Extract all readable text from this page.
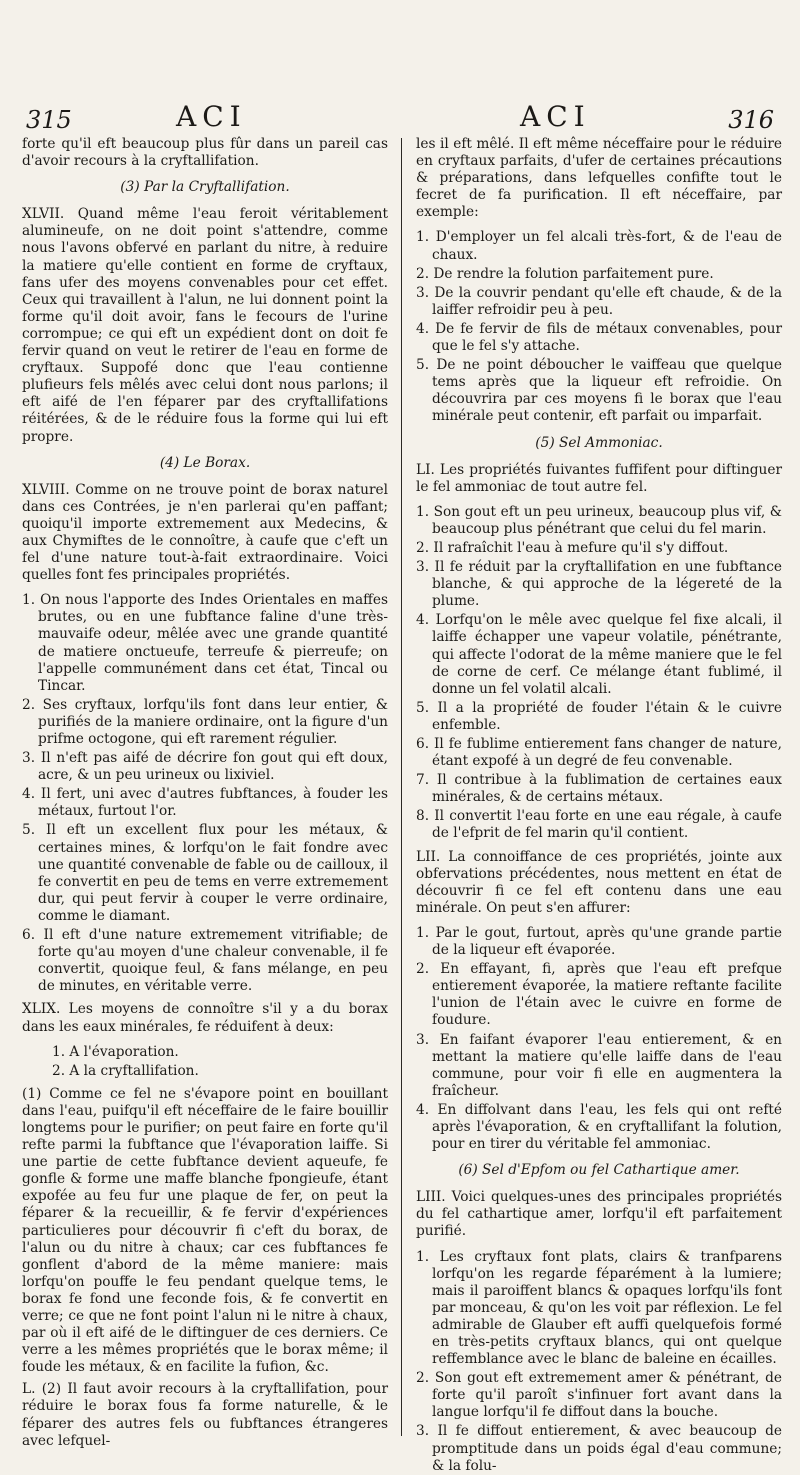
315	ACI	ACI	316

forte qu'il eft beaucoup plus fûr dans un pareil cas d'avoir recours à la cryftallifation.

(3) Par la Cryftallifation.

XLVII. Quand même l'eau feroit véritablement alumineufe, on ne doit point s'attendre, comme nous l'avons obfervé en parlant du nitre, à reduire la matiere qu'elle contient en forme de cryftaux, fans ufer des moyens convenables pour cet effet. Ceux qui travaillent à l'alun, ne lui donnent point la forme qu'il doit avoir, fans le fecours de l'urine corrompue; ce qui eft un expédient dont on doit fe fervir quand on veut le retirer de l'eau en forme de cryftaux. Suppofé donc que l'eau contienne plufieurs fels mêlés avec celui dont nous parlons; il eft aifé de l'en féparer par des cryftallifations réitérées, & de le réduire fous la forme qui lui eft propre.

(4) Le Borax.

XLVIII. Comme on ne trouve point de borax naturel dans ces Contrées, je n'en parlerai qu'en paffant; quoiqu'il importe extremement aux Medecins, & aux Chymiftes de le connoître, à caufe que c'eft un fel d'une nature tout-à-fait extraordinaire. Voici quelles font fes principales propriétés.

1. On nous l'apporte des Indes Orientales en maffes brutes, ou en une fubftance faline d'une très-mauvaife odeur, mêlée avec une grande quantité de matiere onctueufe, terreufe & pierreufe; on l'appelle communément dans cet état, Tincal ou Tincar.
2. Ses cryftaux, lorfqu'ils font dans leur entier, & purifiés de la maniere ordinaire, ont la figure d'un prifme octogone, qui eft rarement régulier.
3. Il n'eft pas aifé de décrire fon gout qui eft doux, acre, & un peu urineux ou lixiviel.
4. Il fert, uni avec d'autres fubftances, à fouder les métaux, furtout l'or.
5. Il eft un excellent flux pour les métaux, & certaines mines, & lorfqu'on le fait fondre avec une quantité convenable de fable ou de cailloux, il fe convertit en peu de tems en verre extremement dur, qui peut fervir à couper le verre ordinaire, comme le diamant.
6. Il eft d'une nature extremement vitrifiable; de forte qu'au moyen d'une chaleur convenable, il fe convertit, quoique feul, & fans mélange, en peu de minutes, en véritable verre.

XLIX. Les moyens de connoître s'il y a du borax dans les eaux minérales, fe réduifent à deux:

1. A l'évaporation.
2. A la cryftallifation.

(1) Comme ce fel ne s'évapore point en bouillant dans l'eau, puifqu'il eft néceffaire de le faire bouillir longtems pour le purifier; on peut faire en forte qu'il refte parmi la fubftance que l'évaporation laiffe. Si une partie de cette fubftance devient aqueufe, fe gonfle & forme une maffe blanche fpongieufe, étant expofée au feu fur une plaque de fer, on peut la féparer & la recueillir, & fe fervir d'expériences particulieres pour découvrir fi c'eft du borax, de l'alun ou du nitre à chaux; car ces fubftances fe gonflent d'abord de la même maniere: mais lorfqu'on pouffe le feu pendant quelque tems, le borax fe fond une feconde fois, & fe convertit en verre; ce que ne font point l'alun ni le nitre à chaux, par où il eft aifé de le diftinguer de ces derniers. Ce verre a les mêmes propriétés que le borax même; il foude les métaux, & en facilite la fufion, &c.

L. (2) Il faut avoir recours à la cryftallifation, pour réduire le borax fous fa forme naturelle, & le féparer des autres fels ou fubftances étrangeres avec lefquel-

les il eft mêlé. Il eft même néceffaire pour le réduire en cryftaux parfaits, d'ufer de certaines précautions & préparations, dans lefquelles confifte tout le fecret de fa purification. Il eft néceffaire, par exemple:

1. D'employer un fel alcali très-fort, & de l'eau de chaux.
2. De rendre la folution parfaitement pure.
3. De la couvrir pendant qu'elle eft chaude, & de la laiffer refroidir peu à peu.
4. De fe fervir de fils de métaux convenables, pour que le fel s'y attache.
5. De ne point déboucher le vaiffeau que quelque tems après que la liqueur eft refroidie. On découvrira par ces moyens fi le borax que l'eau minérale peut contenir, eft parfait ou imparfait.

(5) Sel Ammoniac.

LI. Les propriétés fuivantes fuffifent pour diftinguer le fel ammoniac de tout autre fel.

1. Son gout eft un peu urineux, beaucoup plus vif, & beaucoup plus pénétrant que celui du fel marin.
2. Il rafraîchit l'eau à mefure qu'il s'y diffout.
3. Il fe réduit par la cryftallifation en une fubftance blanche, & qui approche de la légereté de la plume.
4. Lorfqu'on le mêle avec quelque fel fixe alcali, il laiffe échapper une vapeur volatile, pénétrante, qui affecte l'odorat de la même maniere que le fel de corne de cerf. Ce mélange étant fublimé, il donne un fel volatil alcali.
5. Il a la propriété de fouder l'étain & le cuivre enfemble.
6. Il fe fublime entierement fans changer de nature, étant expofé à un degré de feu convenable.
7. Il contribue à la fublimation de certaines eaux minérales, & de certains métaux.
8. Il convertit l'eau forte en une eau régale, à caufe de l'efprit de fel marin qu'il contient.

LII. La connoiffance de ces propriétés, jointe aux obfervations précédentes, nous mettent en état de découvrir fi ce fel eft contenu dans une eau minérale. On peut s'en affurer:

1. Par le gout, furtout, après qu'une grande partie de la liqueur eft évaporée.
2. En effayant, fi, après que l'eau eft prefque entierement évaporée, la matiere reftante facilite l'union de l'étain avec le cuivre en forme de foudure.
3. En faifant évaporer l'eau entierement, & en mettant la matiere qu'elle laiffe dans de l'eau commune, pour voir fi elle en augmentera la fraîcheur.
4. En diffolvant dans l'eau, les fels qui ont refté après l'évaporation, & en cryftallifant la folution, pour en tirer du véritable fel ammoniac.

(6) Sel d'Epfom ou fel Cathartique amer.

LIII. Voici quelques-unes des principales propriétés du fel cathartique amer, lorfqu'il eft parfaitement purifié.

1. Les cryftaux font plats, clairs & tranfparens lorfqu'on les regarde féparément à la lumiere; mais il paroiffent blancs & opaques lorfqu'ils font par monceau, & qu'on les voit par réflexion. Le fel admirable de Glauber eft auffi quelquefois formé en très-petits cryftaux blancs, qui ont quelque reffemblance avec le blanc de baleine en écailles.
2. Son gout eft extremement amer & pénétrant, de forte qu'il paroît s'infinuer fort avant dans la langue lorfqu'il fe diffout dans la bouche.
3. Il fe diffout entierement, & avec beaucoup de promptitude dans un poids égal d'eau commune; & la folu-
